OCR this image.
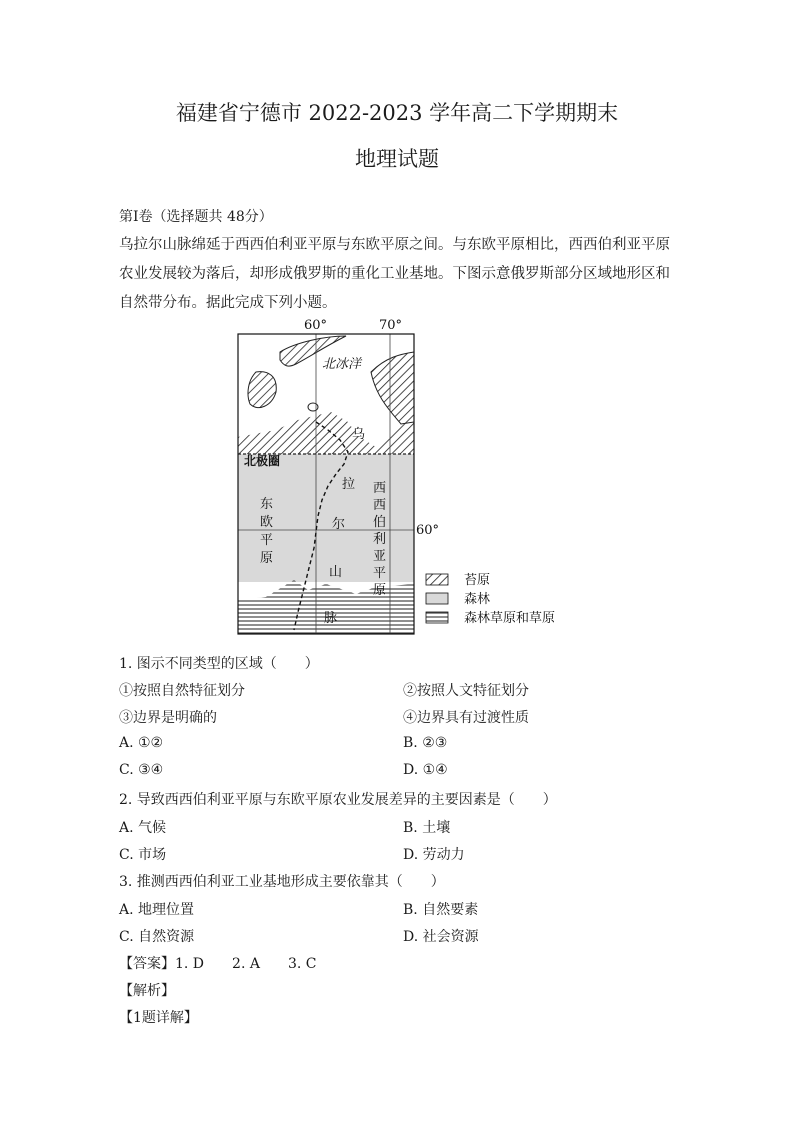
福建省宁德市 2022-2023 学年高二下学期期末
地理试题
第Ⅰ卷（选择题共 48分）
乌拉尔山脉绵延于西西伯利亚平原与东欧平原之间。与东欧平原相比，西西伯利亚平原农业发展较为落后，却形成俄罗斯的重化工业基地。下图示意俄罗斯部分区域地形区和自然带分布。据此完成下列小题。
60°	70°
北冰洋
北极圈
60°
东
欧
平
原
乌
拉
尔
山
脉
西
西
伯
利
亚
平
原
苔原
森林
森林草原和草原
1. 图示不同类型的区域（　　）
①按照自然特征划分	②按照人文特征划分
③边界是明确的	④边界具有过渡性质
A. ①②	B. ②③
C. ③④	D. ①④
2. 导致西西伯利亚平原与东欧平原农业发展差异的主要因素是（　　）
A. 气候	B. 土壤
C. 市场	D. 劳动力
3. 推测西西伯利亚工业基地形成主要依靠其（　　）
A. 地理位置	B. 自然要素
C. 自然资源	D. 社会资源
【答案】1. D　　2. A　　3. C
【解析】
【1题详解】
